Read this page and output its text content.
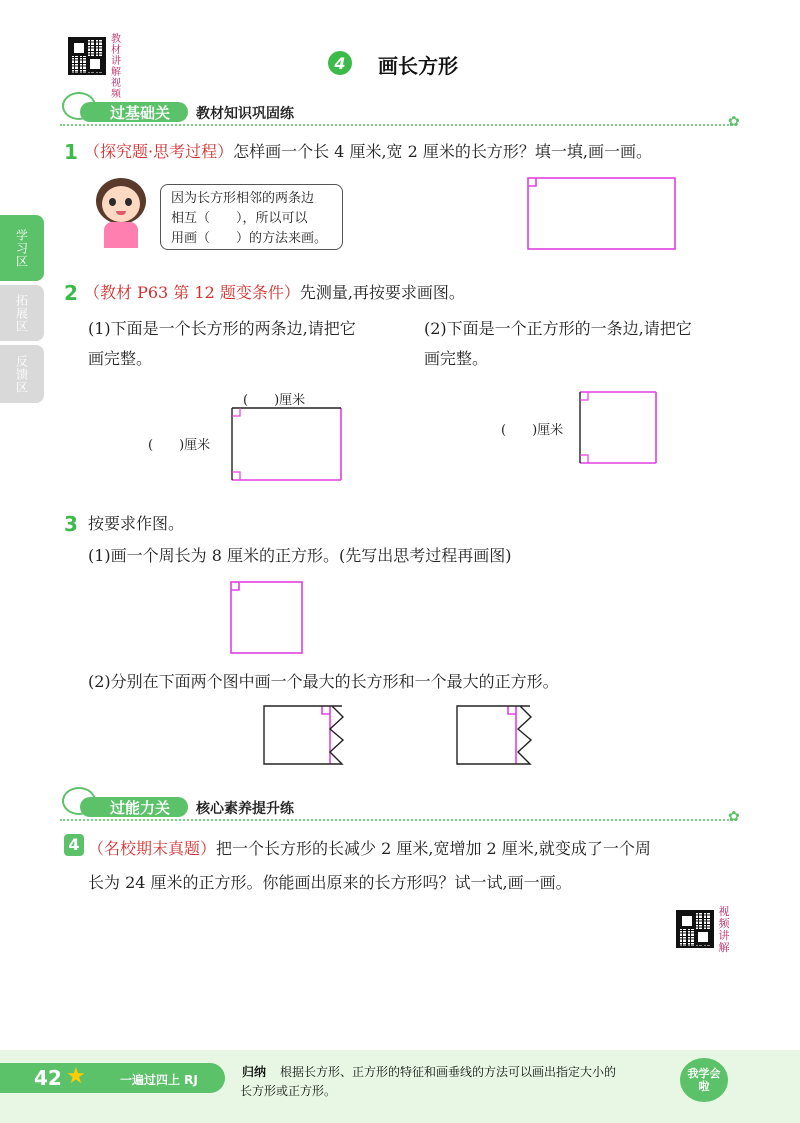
教材讲解视频
4	画长方形
学习区
拓展区
反馈区
过基础关	教材知识巩固练	✿
1 （探究题·思考过程）怎样画一个长 4 厘米,宽 2 厘米的长方形？填一填,画一画。
因为长方形相邻的两条边
相互（　　），所以可以
用画（　　）的方法来画。
2 （教材 P63 第 12 题变条件）先测量,再按要求画图。
(1)下面是一个长方形的两条边,请把它
画完整。
(2)下面是一个正方形的一条边,请把它
画完整。
(　　)厘米
(　　)厘米
(　　)厘米
3 按要求作图。
(1)画一个周长为 8 厘米的正方形。(先写出思考过程再画图)
(2)分别在下面两个图中画一个最大的长方形和一个最大的正方形。
过能力关	核心素养提升练	✿
4 （名校期末真题）把一个长方形的长减少 2 厘米,宽增加 2 厘米,就变成了一个周
长为 24 厘米的正方形。你能画出原来的长方形吗？试一试,画一画。
视频讲解
42 ★	一遍过四上 RJ
归纳	根据长方形、正方形的特征和画垂线的方法可以画出指定大小的
长方形或正方形。
我学会啦
